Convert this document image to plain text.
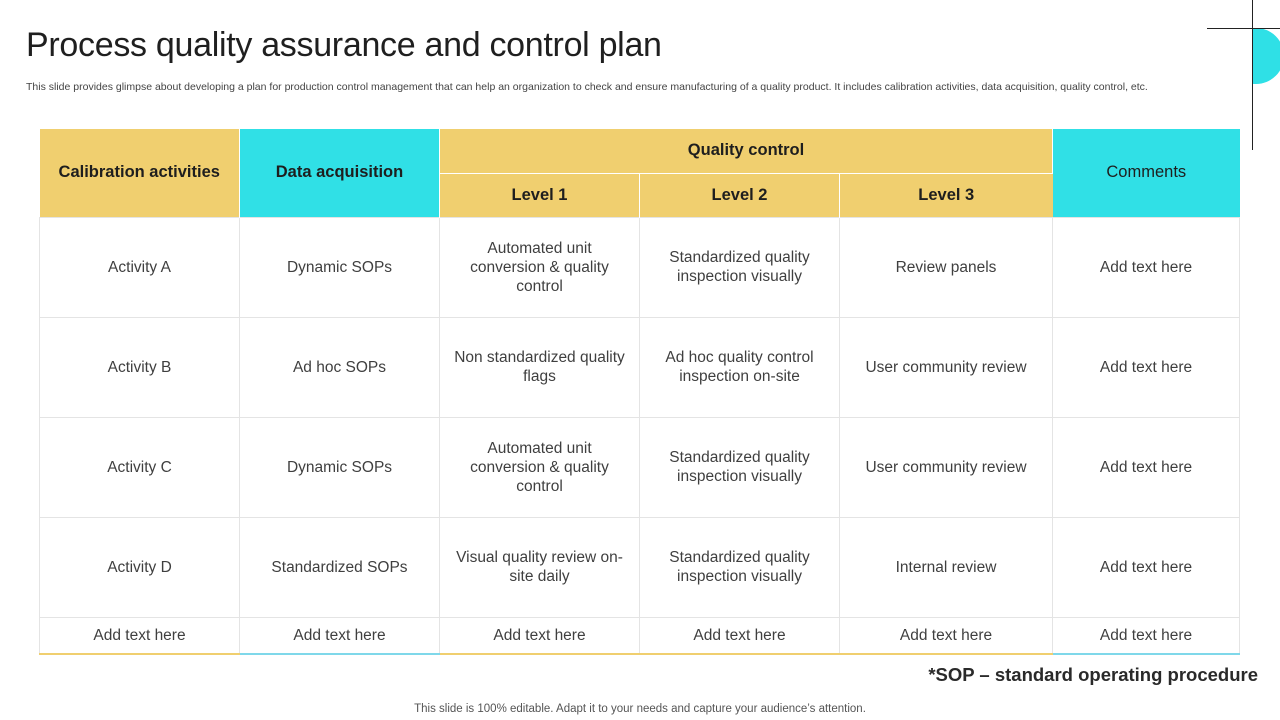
Process quality assurance and control plan
This slide provides glimpse about developing a plan for production control management that can help an organization to check and ensure manufacturing of a quality product. It includes calibration activities, data acquisition, quality control, etc.
Calibration activities	Data acquisition	Quality control			Comments
		Level 1	Level 2	Level 3	
Activity A	Dynamic SOPs	Automated unit conversion & quality control	Standardized quality inspection visually	Review panels	Add text here
Activity B	Ad hoc SOPs	Non standardized quality flags	Ad hoc quality control inspection on-site	User community review	Add text here
Activity C	Dynamic SOPs	Automated unit conversion & quality control	Standardized quality inspection visually	User community review	Add text here
Activity D	Standardized SOPs	Visual quality review on-site daily	Standardized quality inspection visually	Internal review	Add text here
Add text here	Add text here	Add text here	Add text here	Add text here	Add text here
*SOP – standard operating procedure
This slide is 100% editable. Adapt it to your needs and capture your audience’s attention.
